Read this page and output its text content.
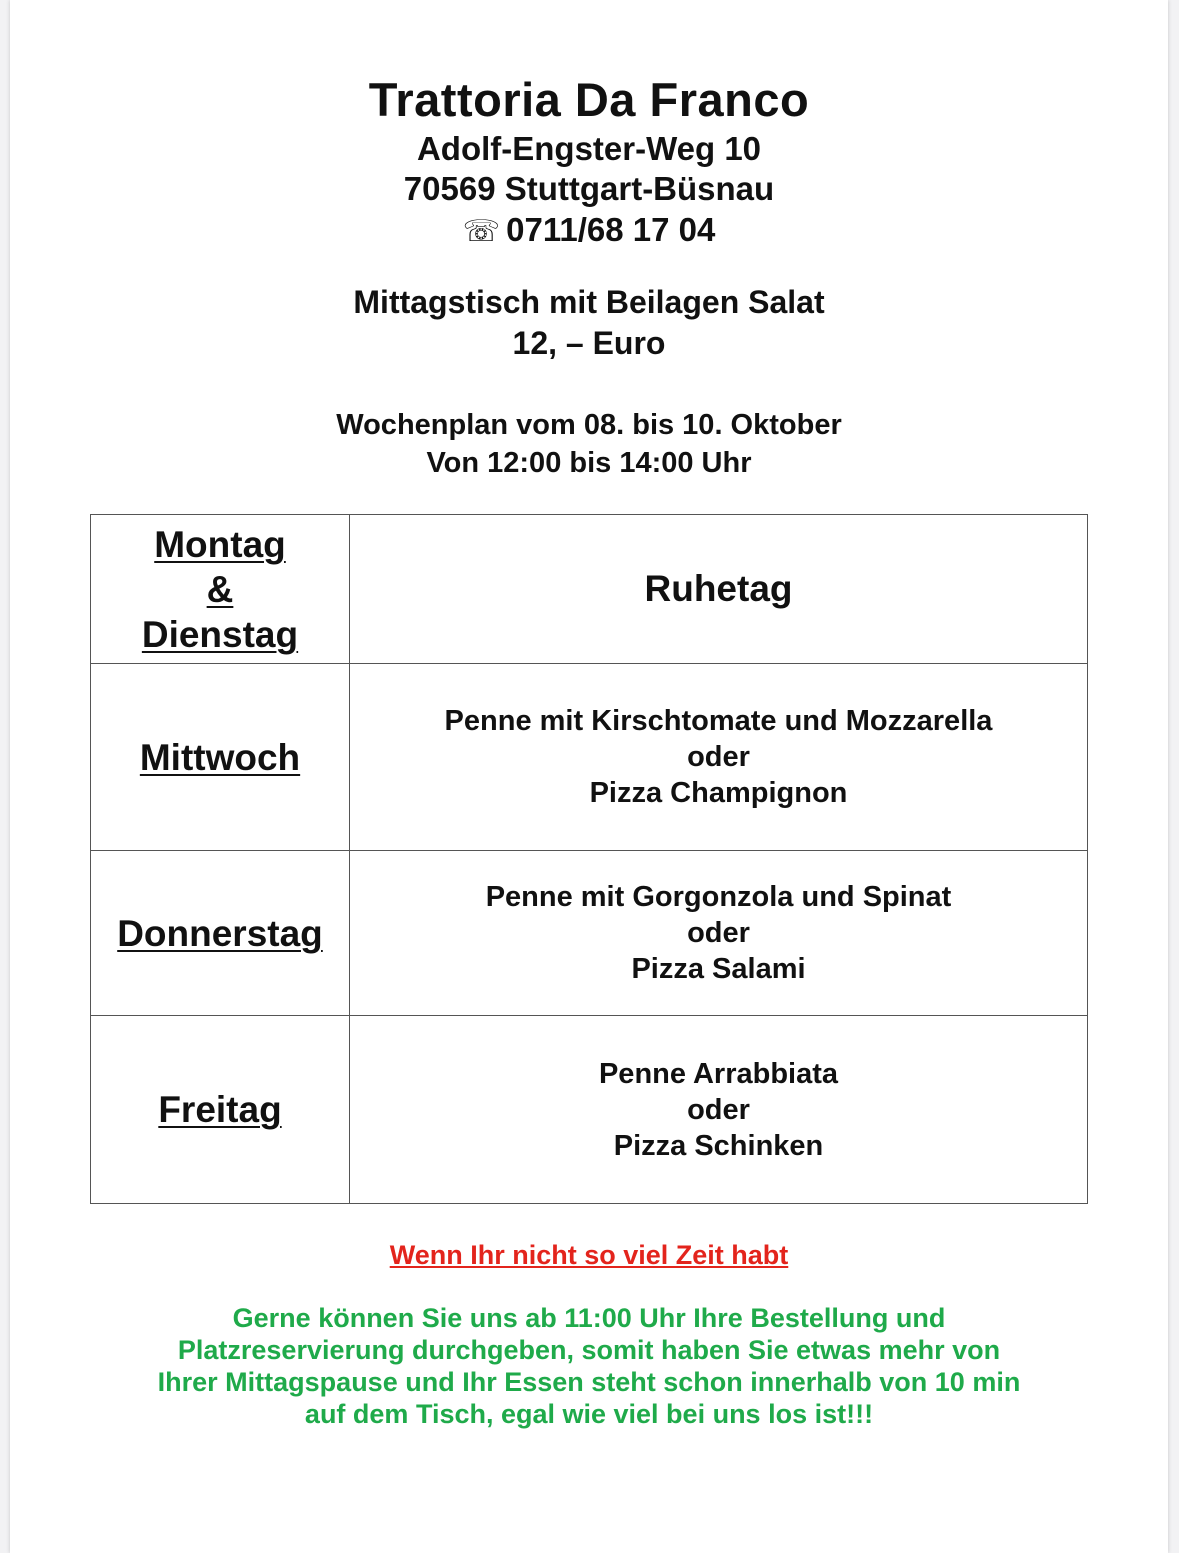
Trattoria Da Franco
Adolf-Engster-Weg 10
70569 Stuttgart-Büsnau
☏ 0711/68 17 04
Mittagstisch mit Beilagen Salat
12, – Euro
Wochenplan vom 08. bis 10. Oktober
Von 12:00 bis 14:00 Uhr
Montag
&
Dienstag	Ruhetag

Mittwoch	Penne mit Kirschtomate und Mozzarella
oder
Pizza Champignon

Donnerstag	Penne mit Gorgonzola und Spinat
oder
Pizza Salami

Freitag	Penne Arrabbiata
oder
Pizza Schinken
Wenn Ihr nicht so viel Zeit habt
Gerne können Sie uns ab 11:00 Uhr Ihre Bestellung und
Platzreservierung durchgeben, somit haben Sie etwas mehr von
Ihrer Mittagspause und Ihr Essen steht schon innerhalb von 10 min
auf dem Tisch, egal wie viel bei uns los ist!!!
